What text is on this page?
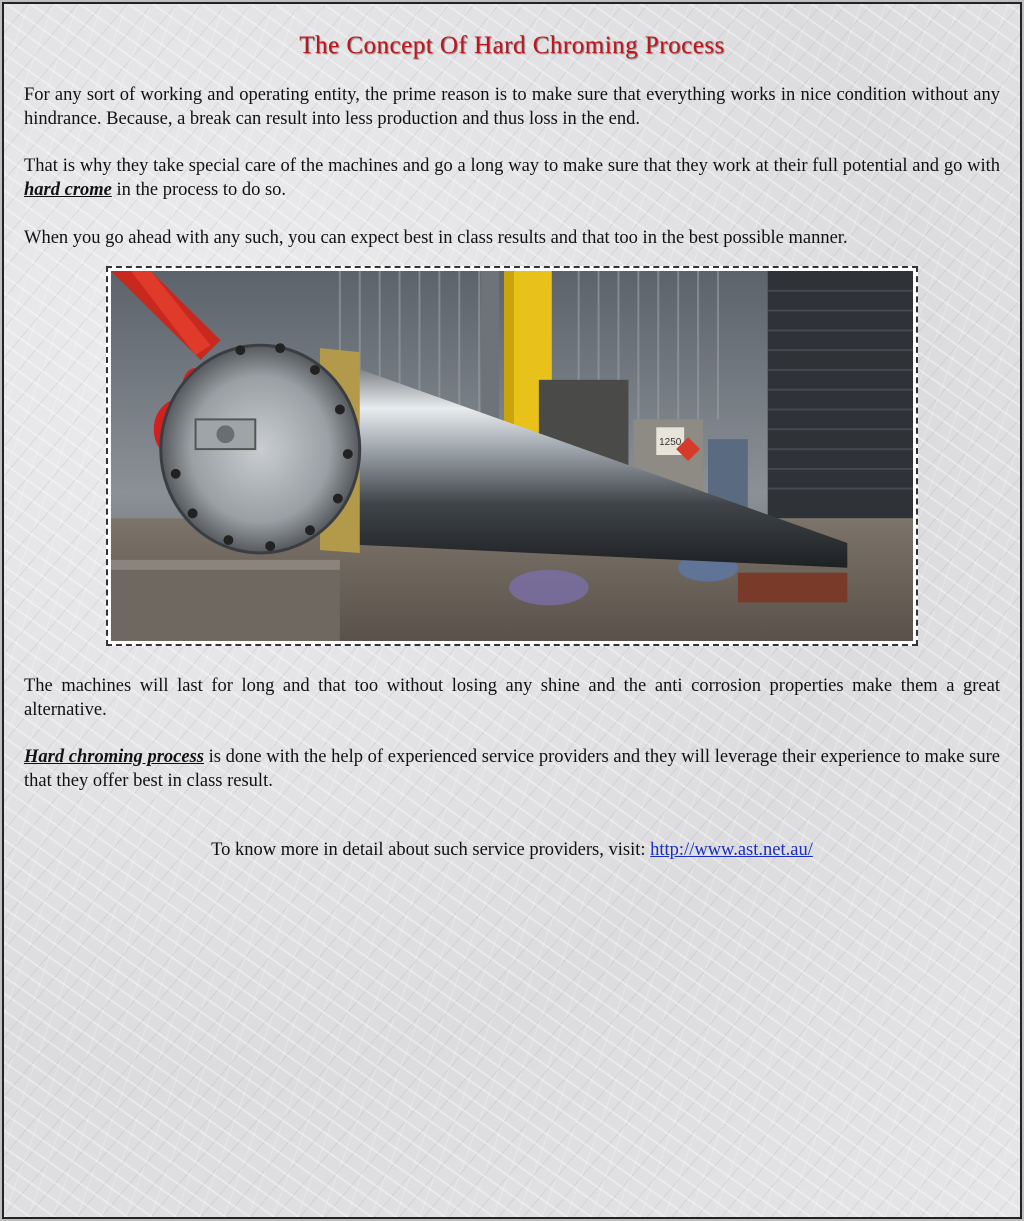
The Concept Of Hard Chroming Process

For any sort of working and operating entity, the prime reason is to make sure that everything works in nice condition without any hindrance. Because, a break can result into less production and thus loss in the end.

That is why they take special care of the machines and go a long way to make sure that they work at their full potential and go with hard crome in the process to do so.

When you go ahead with any such, you can expect best in class results and that too in the best possible manner.

1250

The machines will last for long and that too without losing any shine and the anti corrosion properties make them a great alternative.

Hard chroming process is done with the help of experienced service providers and they will leverage their experience to make sure that they offer best in class result.

To know more in detail about such service providers, visit: http://www.ast.net.au/
